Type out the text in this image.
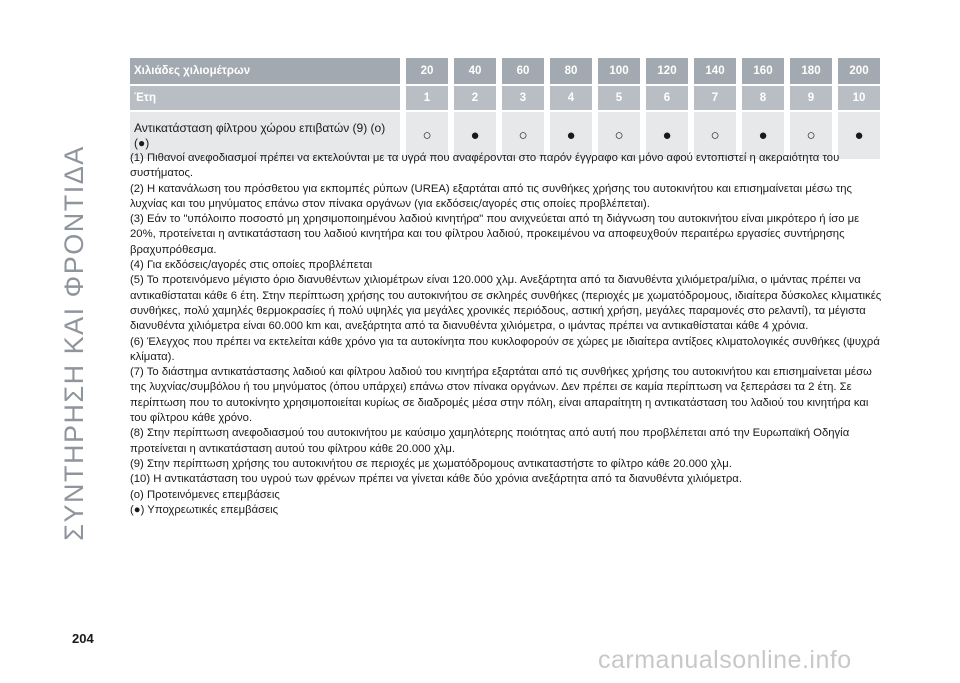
ΣΥΝΤΗΡΗΣΗ ΚΑΙ ΦΡΟΝΤΙΔΑ
Χιλιάδες χιλιομέτρων	20	40	60	80	100	120	140	160	180	200
Έτη	1	2	3	4	5	6	7	8	9	10
Αντικατάσταση φίλτρου χώρου επιβατών (9) (ο) (●)	○	●	○	●	○	●	○	●	○	●

(1) Πιθανοί ανεφοδιασμοί πρέπει να εκτελούνται με τα υγρά που αναφέρονται στο παρόν έγγραφο και μόνο αφού εντοπιστεί η ακεραιότητα του συστήματος.

(2) Η κατανάλωση του πρόσθετου για εκπομπές ρύπων (UREA) εξαρτάται από τις συνθήκες χρήσης του αυτοκινήτου και επισημαίνεται μέσω της λυχνίας και του μηνύματος επάνω στον πίνακα οργάνων (για εκδόσεις/αγορές στις οποίες προβλέπεται).

(3) Εάν το "υπόλοιπο ποσοστό μη χρησιμοποιημένου λαδιού κινητήρα" που ανιχνεύεται από τη διάγνωση του αυτοκινήτου είναι μικρότερο ή ίσο με 20%, προτείνεται η αντικατάσταση του λαδιού κινητήρα και του φίλτρου λαδιού, προκειμένου να αποφευχθούν περαιτέρω εργασίες συντήρησης βραχυπρόθεσμα.

(4) Για εκδόσεις/αγορές στις οποίες προβλέπεται

(5) Το προτεινόμενο μέγιστο όριο διανυθέντων χιλιομέτρων είναι 120.000 χλμ. Ανεξάρτητα από τα διανυθέντα χιλιόμετρα/μίλια, ο ιμάντας πρέπει να αντικαθίσταται κάθε 6 έτη. Στην περίπτωση χρήσης του αυτοκινήτου σε σκληρές συνθήκες (περιοχές με χωματόδρομους, ιδιαίτερα δύσκολες κλιματικές συνθήκες, πολύ χαμηλές θερμοκρασίες ή πολύ υψηλές για μεγάλες χρονικές περιόδους, αστική χρήση, μεγάλες παραμονές στο ρελαντί), τα μέγιστα διανυθέντα χιλιόμετρα είναι 60.000 km και, ανεξάρτητα από τα διανυθέντα χιλιόμετρα, ο ιμάντας πρέπει να αντικαθίσταται κάθε 4 χρόνια.

(6) Έλεγχος που πρέπει να εκτελείται κάθε χρόνο για τα αυτοκίνητα που κυκλοφορούν σε χώρες με ιδιαίτερα αντίξοες κλιματολογικές συνθήκες (ψυχρά κλίματα).

(7) Το διάστημα αντικατάστασης λαδιού και φίλτρου λαδιού του κινητήρα εξαρτάται από τις συνθήκες χρήσης του αυτοκινήτου και επισημαίνεται μέσω της λυχνίας/συμβόλου ή του μηνύματος (όπου υπάρχει) επάνω στον πίνακα οργάνων. Δεν πρέπει σε καμία περίπτωση να ξεπεράσει τα 2 έτη. Σε περίπτωση που το αυτοκίνητο χρησιμοποιείται κυρίως σε διαδρομές μέσα στην πόλη, είναι απαραίτητη η αντικατάσταση του λαδιού του κινητήρα και του φίλτρου κάθε χρόνο.

(8) Στην περίπτωση ανεφοδιασμού του αυτοκινήτου με καύσιμο χαμηλότερης ποιότητας από αυτή που προβλέπεται από την Ευρωπαϊκή Οδηγία προτείνεται η αντικατάσταση αυτού του φίλτρου κάθε 20.000 χλμ.

(9) Στην περίπτωση χρήσης του αυτοκινήτου σε περιοχές με χωματόδρομους αντικαταστήστε το φίλτρο κάθε 20.000 χλμ.

(10) Η αντικατάσταση του υγρού των φρένων πρέπει να γίνεται κάθε δύο χρόνια ανεξάρτητα από τα διανυθέντα χιλιόμετρα.

(ο) Προτεινόμενες επεμβάσεις

(●) Υποχρεωτικές επεμβάσεις

204
carmanualsonline.info
